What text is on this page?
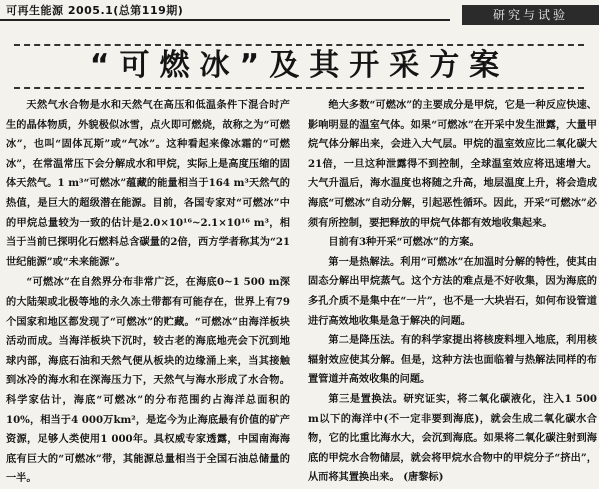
可再生能源 2005.1(总第119期)	研究与试验
“可燃冰”及其开采方案

天然气水合物是水和天然气在高压和低温条件下混合时产生的晶体物质，外貌极似冰雪，点火即可燃烧，故称之为“可燃冰”，也叫“固体瓦斯”或“气冰”。这种看起来像冰霜的“可燃冰”，在常温常压下会分解成水和甲烷，实际上是高度压缩的固体天然气。1 m³“可燃冰”蕴藏的能量相当于164 m³天然气的热值，是巨大的超级潜在能源。目前，各国专家对“可燃冰”中的甲烷总量较为一致的估计是2.0×10¹⁶~2.1×10¹⁶ m³，相当于当前已探明化石燃料总含碳量的2倍，西方学者称其为“21世纪能源”或“未来能源”。

“可燃冰”在自然界分布非常广泛，在海底0~1 500 m深的大陆架或北极等地的永久冻土带都有可能存在，世界上有79个国家和地区都发现了“可燃冰”的贮藏。“可燃冰”由海洋板块活动而成。当海洋板块下沉时，较古老的海底地壳会下沉到地球内部，海底石油和天然气便从板块的边缘涌上来，当其接触到冰冷的海水和在深海压力下，天然气与海水形成了水合物。科学家估计，海底“可燃冰”的分布范围约占海洋总面积的10%，相当于4 000万km²，是迄今为止海底最有价值的矿产资源，足够人类使用1 000年。具权威专家透露，中国南海海底有巨大的“可燃冰”带，其能源总量相当于全国石油总储量的一半。

绝大多数“可燃冰”的主要成分是甲烷，它是一种反应快速、影响明显的温室气体。如果“可燃冰”在开采中发生泄露，大量甲烷气体分解出来，会进入大气层。甲烷的温室效应比二氧化碳大21倍，一旦这种泄露得不到控制，全球温室效应将迅速增大。大气升温后，海水温度也将随之升高，地层温度上升，将会造成海底“可燃冰”自动分解，引起恶性循环。因此，开采“可燃冰”必须有所控制，要把释放的甲烷气体都有效地收集起来。

目前有3种开采“可燃冰”的方案。

第一是热解法。利用“可燃冰”在加温时分解的特性，使其由固态分解出甲烷蒸气。这个方法的难点是不好收集，因为海底的多孔介质不是集中在“一片”，也不是一大块岩石，如何布设管道进行高效地收集是急于解决的问题。

第二是降压法。有的科学家提出将核废料埋入地底，利用核辐射效应使其分解。但是，这种方法也面临着与热解法同样的布置管道并高效收集的问题。

第三是置换法。研究证实，将二氧化碳液化，注入1 500 m以下的海洋中(不一定非要到海底)，就会生成二氧化碳水合物，它的比重比海水大，会沉到海底。如果将二氧化碳注射到海底的甲烷水合物储层，就会将甲烷水合物中的甲烷分子“挤出”，从而将其置换出来。 (唐黎标)
